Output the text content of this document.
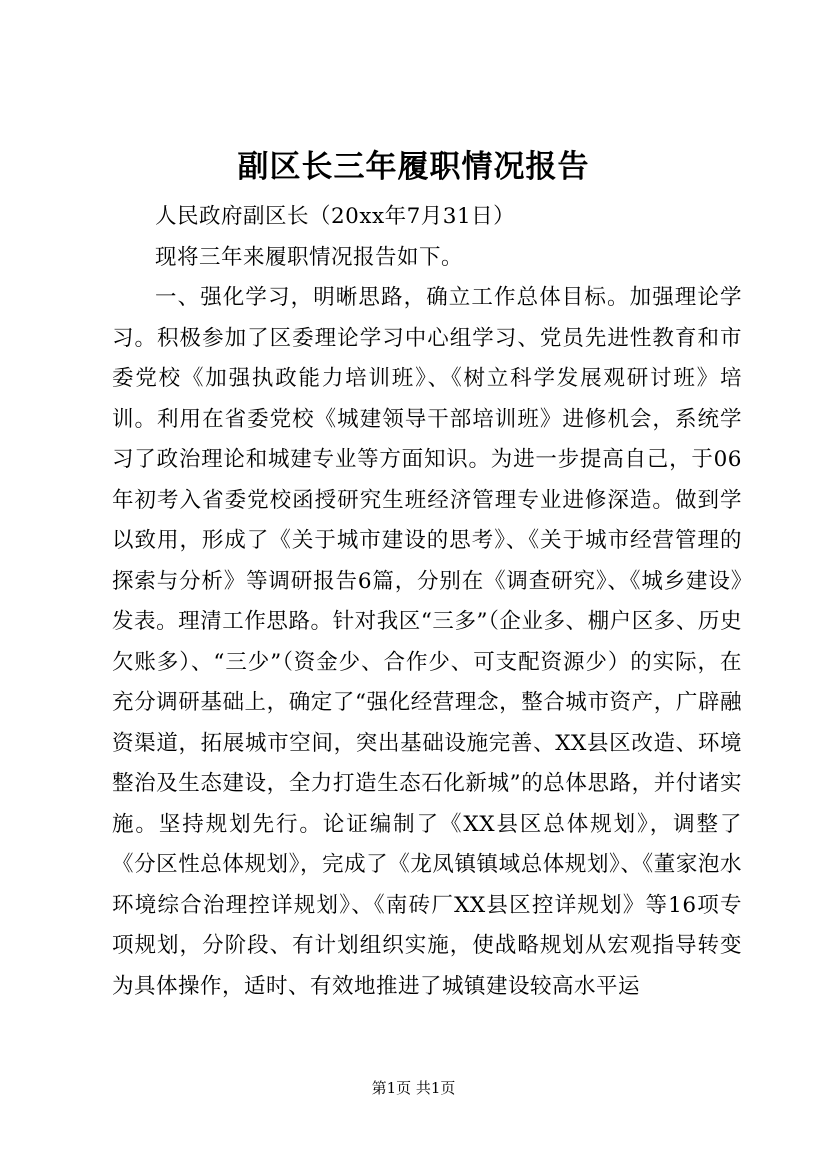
副区长三年履职情况报告

人民政府副区长（20xx年7月31日）

现将三年来履职情况报告如下。

一、强化学习，明晰思路，确立工作总体目标。加强理论学习。积极参加了区委理论学习中心组学习、党员先进性教育和市委党校《加强执政能力培训班》、《树立科学发展观研讨班》培训。利用在省委党校《城建领导干部培训班》进修机会，系统学习了政治理论和城建专业等方面知识。为进一步提高自己，于06年初考入省委党校函授研究生班经济管理专业进修深造。做到学以致用，形成了《关于城市建设的思考》、《关于城市经营管理的探索与分析》等调研报告6篇，分别在《调查研究》、《城乡建设》发表。理清工作思路。针对我区“三多”（企业多、棚户区多、历史欠账多）、“三少”（资金少、合作少、可支配资源少）的实际，在充分调研基础上，确定了“强化经营理念，整合城市资产，广辟融资渠道，拓展城市空间，突出基础设施完善、XX县区改造、环境整治及生态建设，全力打造生态石化新城”的总体思路，并付诸实施。坚持规划先行。论证编制了《XX县区总体规划》，调整了《分区性总体规划》，完成了《龙凤镇镇域总体规划》、《董家泡水环境综合治理控详规划》、《南砖厂XX县区控详规划》等16项专项规划，分阶段、有计划组织实施，使战略规划从宏观指导转变为具体操作，适时、有效地推进了城镇建设较高水平运

第1页 共1页
